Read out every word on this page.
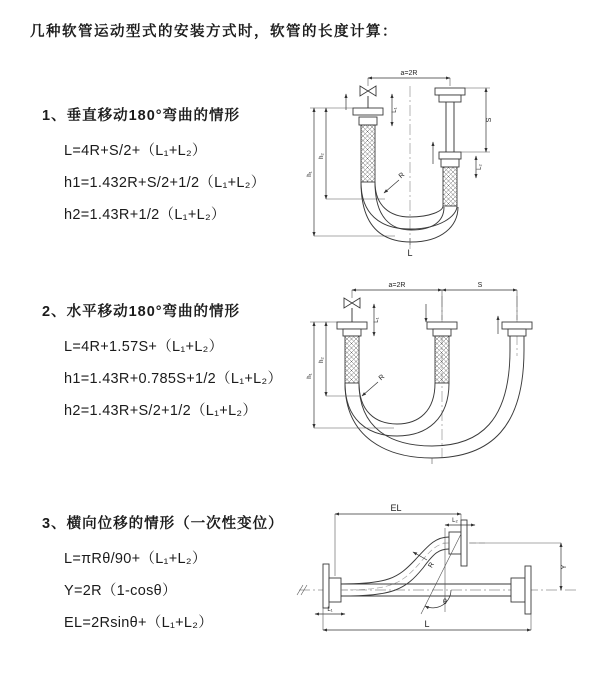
几种软管运动型式的安装方式时，软管的长度计算：
1、垂直移动180°弯曲的情形
L=4R+S/2+（L₁+L₂）
h1=1.432R+S/2+1/2（L₁+L₂）
h2=1.43R+1/2（L₁+L₂）
a=2R
L₁
S
L₂
h₁
h₂
R
L
2、水平移动180°弯曲的情形
L=4R+1.57S+（L₁+L₂）
h1=1.43R+0.785S+1/2（L₁+L₂）
h2=1.43R+S/2+1/2（L₁+L₂）
a=2R	S
L₁
h₁
h₂
R
3、横向位移的情形（一次性变位）
L=πRθ/90+（L₁+L₂）
Y=2R（1-cosθ）
EL=2Rsinθ+（L₁+L₂）
EL
L₂
Y
θ
R
L₁
L
